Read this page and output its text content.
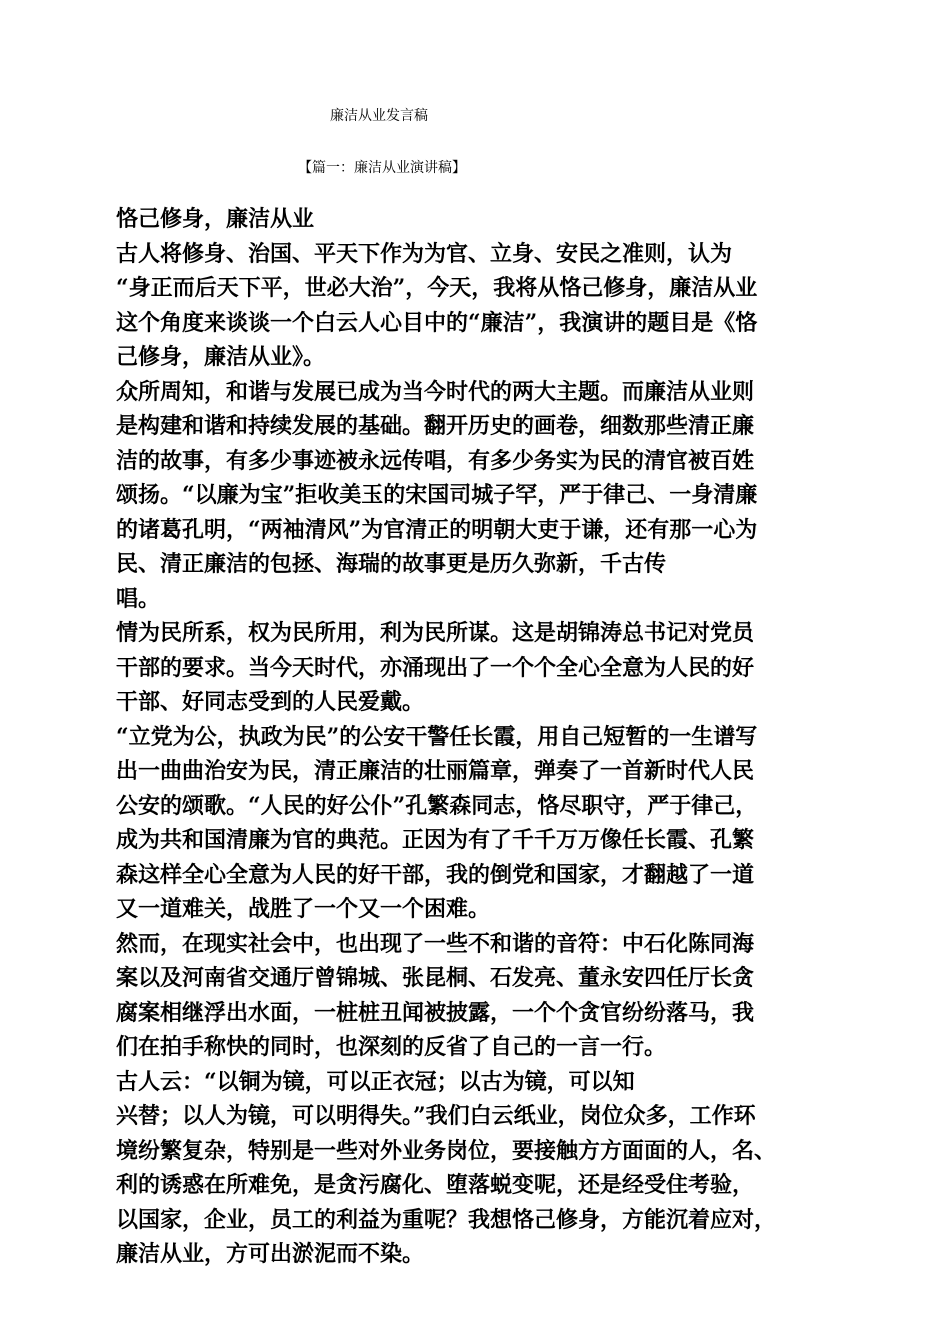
廉洁从业发言稿
【篇一：廉洁从业演讲稿】
恪己修身，廉洁从业
古人将修身、治国、平天下作为为官、立身、安民之准则，认为
“身正而后天下平，世必大治”，今天，我将从恪己修身，廉洁从业
这个角度来谈谈一个白云人心目中的“廉洁”，我演讲的题目是《恪
己修身，廉洁从业》。
众所周知，和谐与发展已成为当今时代的两大主题。而廉洁从业则
是构建和谐和持续发展的基础。翻开历史的画卷，细数那些清正廉
洁的故事，有多少事迹被永远传唱，有多少务实为民的清官被百姓
颂扬。“以廉为宝”拒收美玉的宋国司城子罕，严于律己、一身清廉
的诸葛孔明，“两袖清风”为官清正的明朝大吏于谦，还有那一心为
民、清正廉洁的包拯、海瑞的故事更是历久弥新，千古传
唱。
情为民所系，权为民所用，利为民所谋。这是胡锦涛总书记对党员
干部的要求。当今天时代，亦涌现出了一个个全心全意为人民的好
干部、好同志受到的人民爱戴。
“立党为公，执政为民”的公安干警任长霞，用自己短暂的一生谱写
出一曲曲治安为民，清正廉洁的壮丽篇章，弹奏了一首新时代人民
公安的颂歌。“人民的好公仆”孔繁森同志，恪尽职守，严于律己，
成为共和国清廉为官的典范。正因为有了千千万万像任长霞、孔繁
森这样全心全意为人民的好干部，我的倒党和国家，才翻越了一道
又一道难关，战胜了一个又一个困难。
然而，在现实社会中，也出现了一些不和谐的音符：中石化陈同海
案以及河南省交通厅曾锦城、张昆桐、石发亮、董永安四任厅长贪
腐案相继浮出水面，一桩桩丑闻被披露，一个个贪官纷纷落马，我
们在拍手称快的同时，也深刻的反省了自己的一言一行。
古人云：“以铜为镜，可以正衣冠；以古为镜，可以知
兴替；以人为镜，可以明得失。”我们白云纸业，岗位众多，工作环
境纷繁复杂，特别是一些对外业务岗位，要接触方方面面的人，名、
利的诱惑在所难免，是贪污腐化、堕落蜕变呢，还是经受住考验，
以国家，企业，员工的利益为重呢？我想恪己修身，方能沉着应对，
廉洁从业，方可出淤泥而不染。
